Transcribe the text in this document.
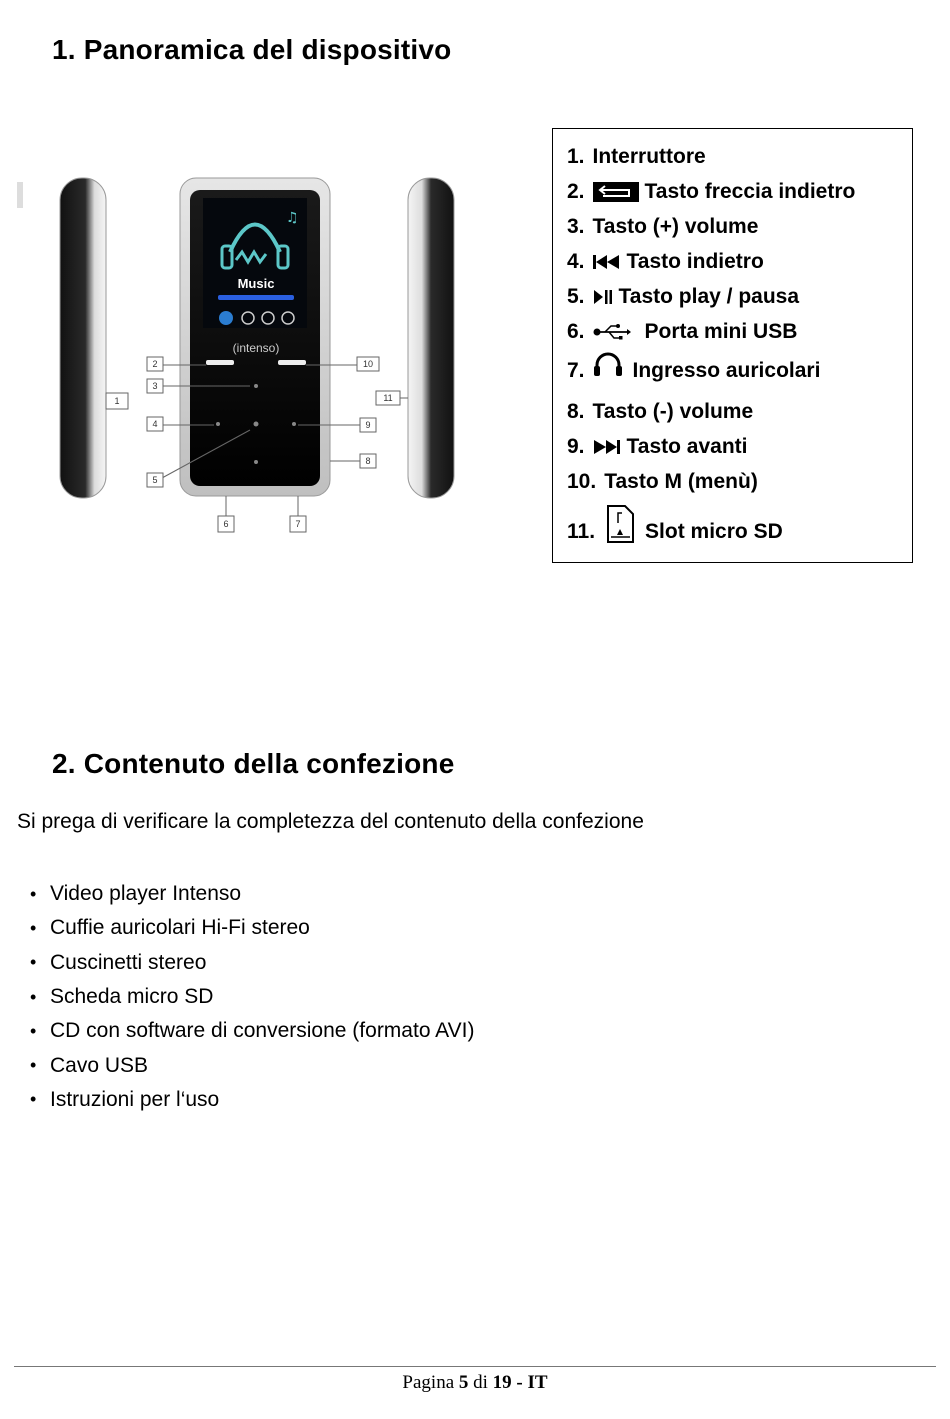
1. Panoramica del dispositivo
♫
Music
(intenso)
2
3
1
4
5
6	7
8
9
10
11
1. Interruttore
2.	Tasto freccia indietro
3. Tasto (+) volume
4. Tasto indietro
5. Tasto play / pausa
6.	Porta mini USB
7. Ingresso auricolari
8. Tasto (-) volume
9. Tasto avanti
10. Tasto M (menù)
11. Slot micro SD
2. Contenuto della confezione

Si prega di verificare la completezza del contenuto della confezione

• Video player Intenso
• Cuffie auricolari Hi-Fi stereo
• Cuscinetti stereo
• Scheda micro SD
• CD con software di conversione (formato AVI)
• Cavo USB
• Istruzioni per l‘uso
Pagina 5 di 19 - IT
